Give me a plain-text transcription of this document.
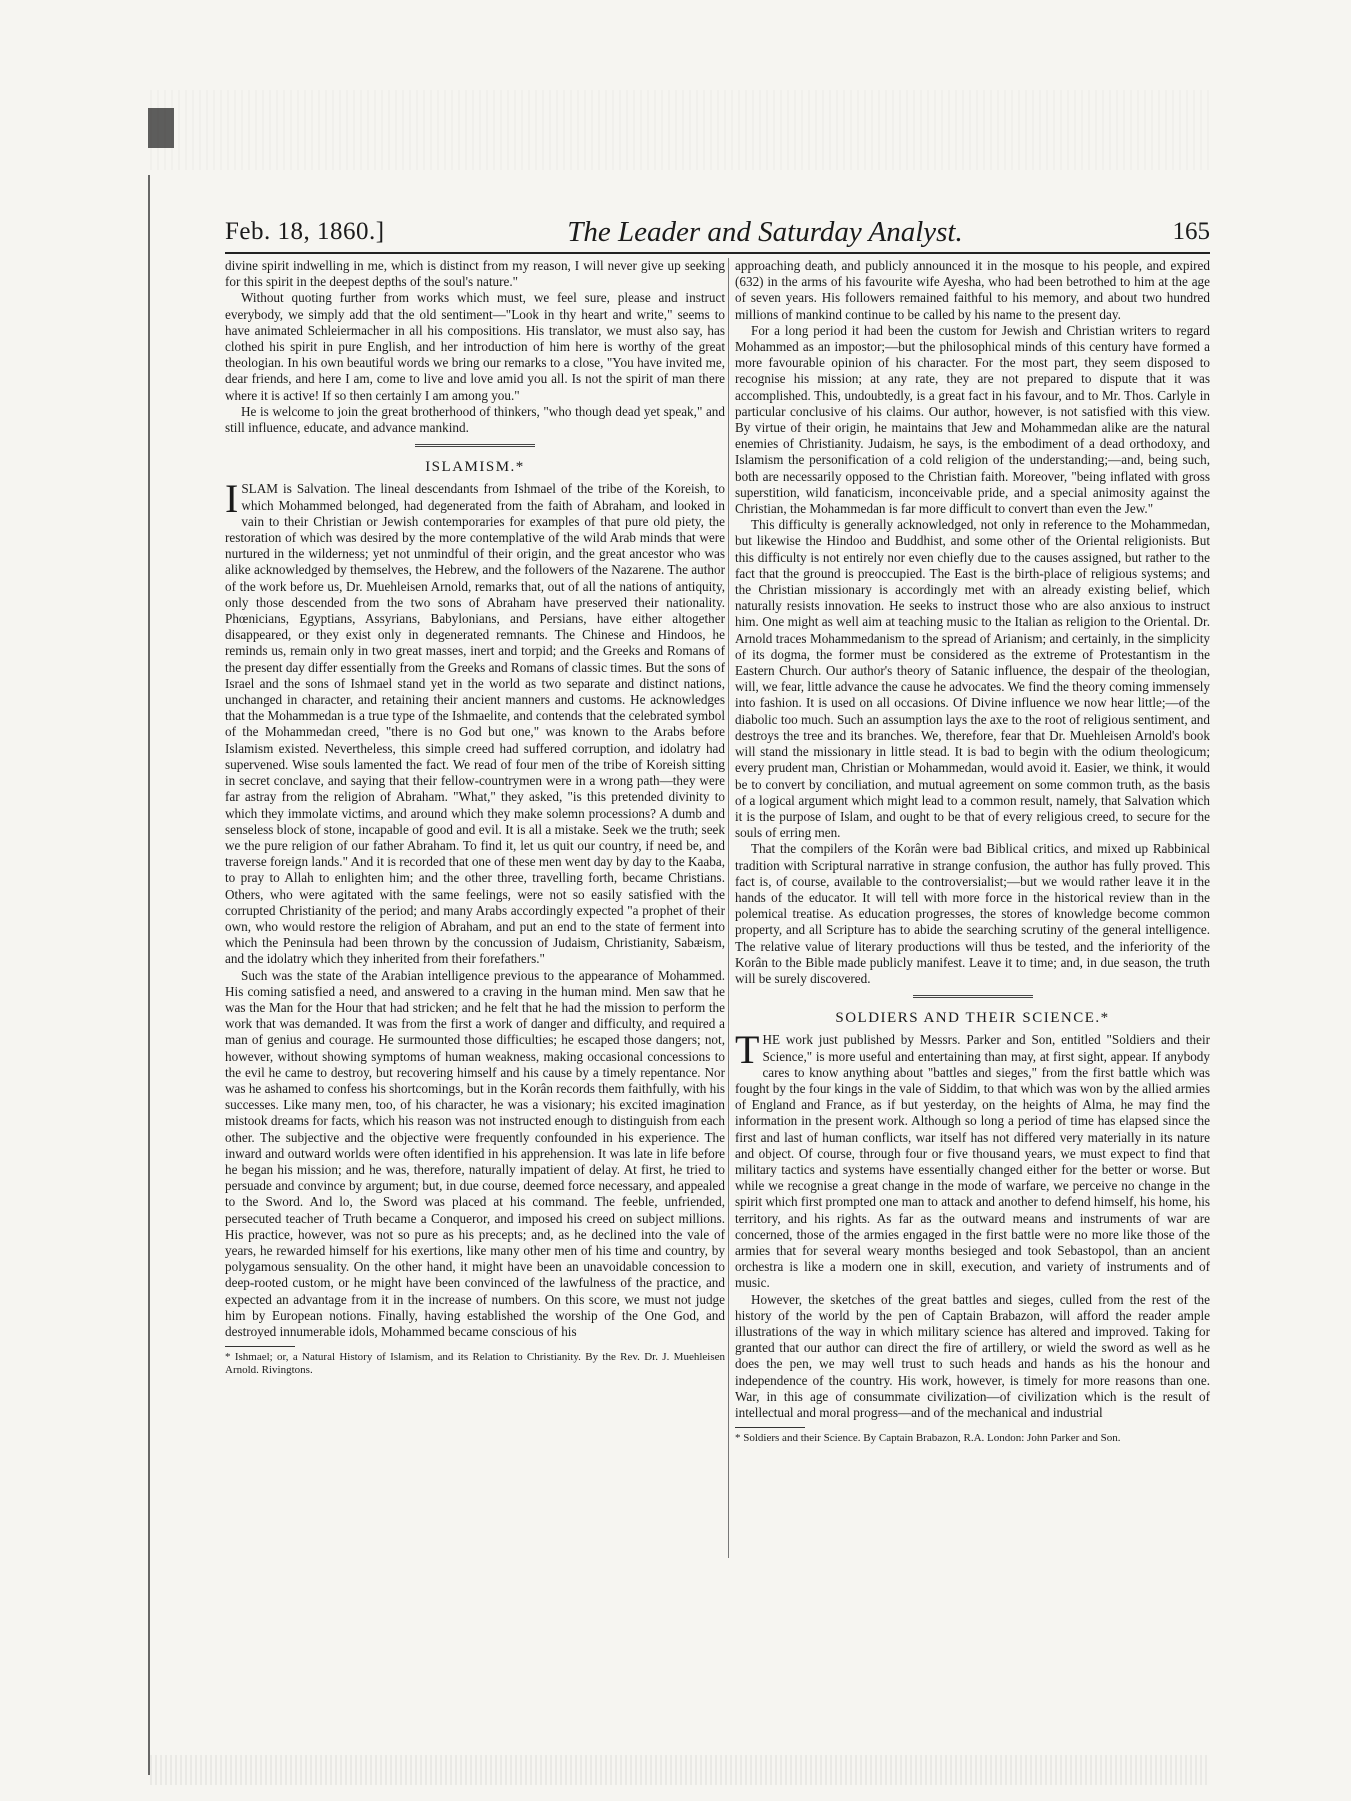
Feb. 18, 1860.]	The Leader and Saturday Analyst.	165

divine spirit indwelling in me, which is distinct from my reason, I will never give up seeking for this spirit in the deepest depths of the soul's nature."

Without quoting further from works which must, we feel sure, please and instruct everybody, we simply add that the old sentiment—"Look in thy heart and write," seems to have animated Schleiermacher in all his compositions. His translator, we must also say, has clothed his spirit in pure English, and her introduction of him here is worthy of the great theologian. In his own beautiful words we bring our remarks to a close, "You have invited me, dear friends, and here I am, come to live and love amid you all. Is not the spirit of man there where it is active! If so then certainly I am among you."

He is welcome to join the great brotherhood of thinkers, "who though dead yet speak," and still influence, educate, and advance mankind.

ISLAMISM.*

ISLAM is Salvation. The lineal descendants from Ishmael of the tribe of the Koreish, to which Mohammed belonged, had degenerated from the faith of Abraham, and looked in vain to their Christian or Jewish contemporaries for examples of that pure old piety, the restoration of which was desired by the more contemplative of the wild Arab minds that were nurtured in the wilderness; yet not unmindful of their origin, and the great ancestor who was alike acknowledged by themselves, the Hebrew, and the followers of the Nazarene. The author of the work before us, Dr. Muehleisen Arnold, remarks that, out of all the nations of antiquity, only those descended from the two sons of Abraham have preserved their nationality. Phœnicians, Egyptians, Assyrians, Babylonians, and Persians, have either altogether disappeared, or they exist only in degenerated remnants. The Chinese and Hindoos, he reminds us, remain only in two great masses, inert and torpid; and the Greeks and Romans of the present day differ essentially from the Greeks and Romans of classic times. But the sons of Israel and the sons of Ishmael stand yet in the world as two separate and distinct nations, unchanged in character, and retaining their ancient manners and customs. He acknowledges that the Mohammedan is a true type of the Ishmaelite, and contends that the celebrated symbol of the Mohammedan creed, "there is no God but one," was known to the Arabs before Islamism existed. Nevertheless, this simple creed had suffered corruption, and idolatry had supervened. Wise souls lamented the fact. We read of four men of the tribe of Koreish sitting in secret conclave, and saying that their fellow-countrymen were in a wrong path—they were far astray from the religion of Abraham. "What," they asked, "is this pretended divinity to which they immolate victims, and around which they make solemn processions? A dumb and senseless block of stone, incapable of good and evil. It is all a mistake. Seek we the truth; seek we the pure religion of our father Abraham. To find it, let us quit our country, if need be, and traverse foreign lands." And it is recorded that one of these men went day by day to the Kaaba, to pray to Allah to enlighten him; and the other three, travelling forth, became Christians. Others, who were agitated with the same feelings, were not so easily satisfied with the corrupted Christianity of the period; and many Arabs accordingly expected "a prophet of their own, who would restore the religion of Abraham, and put an end to the state of ferment into which the Peninsula had been thrown by the concussion of Judaism, Christianity, Sabæism, and the idolatry which they inherited from their forefathers."

Such was the state of the Arabian intelligence previous to the appearance of Mohammed. His coming satisfied a need, and answered to a craving in the human mind. Men saw that he was the Man for the Hour that had stricken; and he felt that he had the mission to perform the work that was demanded. It was from the first a work of danger and difficulty, and required a man of genius and courage. He surmounted those difficulties; he escaped those dangers; not, however, without showing symptoms of human weakness, making occasional concessions to the evil he came to destroy, but recovering himself and his cause by a timely repentance. Nor was he ashamed to confess his shortcomings, but in the Korân records them faithfully, with his successes. Like many men, too, of his character, he was a visionary; his excited imagination mistook dreams for facts, which his reason was not instructed enough to distinguish from each other. The subjective and the objective were frequently confounded in his experience. The inward and outward worlds were often identified in his apprehension. It was late in life before he began his mission; and he was, therefore, naturally impatient of delay. At first, he tried to persuade and convince by argument; but, in due course, deemed force necessary, and appealed to the Sword. And lo, the Sword was placed at his command. The feeble, unfriended, persecuted teacher of Truth became a Conqueror, and imposed his creed on subject millions. His practice, however, was not so pure as his precepts; and, as he declined into the vale of years, he rewarded himself for his exertions, like many other men of his time and country, by polygamous sensuality. On the other hand, it might have been an unavoidable concession to deep-rooted custom, or he might have been convinced of the lawfulness of the practice, and expected an advantage from it in the increase of numbers. On this score, we must not judge him by European notions. Finally, having established the worship of the One God, and destroyed innumerable idols, Mohammed became conscious of his

* Ishmael; or, a Natural History of Islamism, and its Relation to Christianity. By the Rev. Dr. J. Muehleisen Arnold. Rivingtons.

approaching death, and publicly announced it in the mosque to his people, and expired (632) in the arms of his favourite wife Ayesha, who had been betrothed to him at the age of seven years. His followers remained faithful to his memory, and about two hundred millions of mankind continue to be called by his name to the present day.

For a long period it had been the custom for Jewish and Christian writers to regard Mohammed as an impostor;—but the philosophical minds of this century have formed a more favourable opinion of his character. For the most part, they seem disposed to recognise his mission; at any rate, they are not prepared to dispute that it was accomplished. This, undoubtedly, is a great fact in his favour, and to Mr. Thos. Carlyle in particular conclusive of his claims. Our author, however, is not satisfied with this view. By virtue of their origin, he maintains that Jew and Mohammedan alike are the natural enemies of Christianity. Judaism, he says, is the embodiment of a dead orthodoxy, and Islamism the personification of a cold religion of the understanding;—and, being such, both are necessarily opposed to the Christian faith. Moreover, "being inflated with gross superstition, wild fanaticism, inconceivable pride, and a special animosity against the Christian, the Mohammedan is far more difficult to convert than even the Jew."

This difficulty is generally acknowledged, not only in reference to the Mohammedan, but likewise the Hindoo and Buddhist, and some other of the Oriental religionists. But this difficulty is not entirely nor even chiefly due to the causes assigned, but rather to the fact that the ground is preoccupied. The East is the birth-place of religious systems; and the Christian missionary is accordingly met with an already existing belief, which naturally resists innovation. He seeks to instruct those who are also anxious to instruct him. One might as well aim at teaching music to the Italian as religion to the Oriental. Dr. Arnold traces Mohammedanism to the spread of Arianism; and certainly, in the simplicity of its dogma, the former must be considered as the extreme of Protestantism in the Eastern Church. Our author's theory of Satanic influence, the despair of the theologian, will, we fear, little advance the cause he advocates. We find the theory coming immensely into fashion. It is used on all occasions. Of Divine influence we now hear little;—of the diabolic too much. Such an assumption lays the axe to the root of religious sentiment, and destroys the tree and its branches. We, therefore, fear that Dr. Muehleisen Arnold's book will stand the missionary in little stead. It is bad to begin with the odium theologicum; every prudent man, Christian or Mohammedan, would avoid it. Easier, we think, it would be to convert by conciliation, and mutual agreement on some common truth, as the basis of a logical argument which might lead to a common result, namely, that Salvation which it is the purpose of Islam, and ought to be that of every religious creed, to secure for the souls of erring men.

That the compilers of the Korân were bad Biblical critics, and mixed up Rabbinical tradition with Scriptural narrative in strange confusion, the author has fully proved. This fact is, of course, available to the controversialist;—but we would rather leave it in the hands of the educator. It will tell with more force in the historical review than in the polemical treatise. As education progresses, the stores of knowledge become common property, and all Scripture has to abide the searching scrutiny of the general intelligence. The relative value of literary productions will thus be tested, and the inferiority of the Korân to the Bible made publicly manifest. Leave it to time; and, in due season, the truth will be surely discovered.

SOLDIERS AND THEIR SCIENCE.*

THE work just published by Messrs. Parker and Son, entitled "Soldiers and their Science," is more useful and entertaining than may, at first sight, appear. If anybody cares to know anything about "battles and sieges," from the first battle which was fought by the four kings in the vale of Siddim, to that which was won by the allied armies of England and France, as if but yesterday, on the heights of Alma, he may find the information in the present work. Although so long a period of time has elapsed since the first and last of human conflicts, war itself has not differed very materially in its nature and object. Of course, through four or five thousand years, we must expect to find that military tactics and systems have essentially changed either for the better or worse. But while we recognise a great change in the mode of warfare, we perceive no change in the spirit which first prompted one man to attack and another to defend himself, his home, his territory, and his rights. As far as the outward means and instruments of war are concerned, those of the armies engaged in the first battle were no more like those of the armies that for several weary months besieged and took Sebastopol, than an ancient orchestra is like a modern one in skill, execution, and variety of instruments and of music.

However, the sketches of the great battles and sieges, culled from the rest of the history of the world by the pen of Captain Brabazon, will afford the reader ample illustrations of the way in which military science has altered and improved. Taking for granted that our author can direct the fire of artillery, or wield the sword as well as he does the pen, we may well trust to such heads and hands as his the honour and independence of the country. His work, however, is timely for more reasons than one. War, in this age of consummate civilization—of civilization which is the result of intellectual and moral progress—and of the mechanical and industrial

* Soldiers and their Science. By Captain Brabazon, R.A. London: John Parker and Son.
